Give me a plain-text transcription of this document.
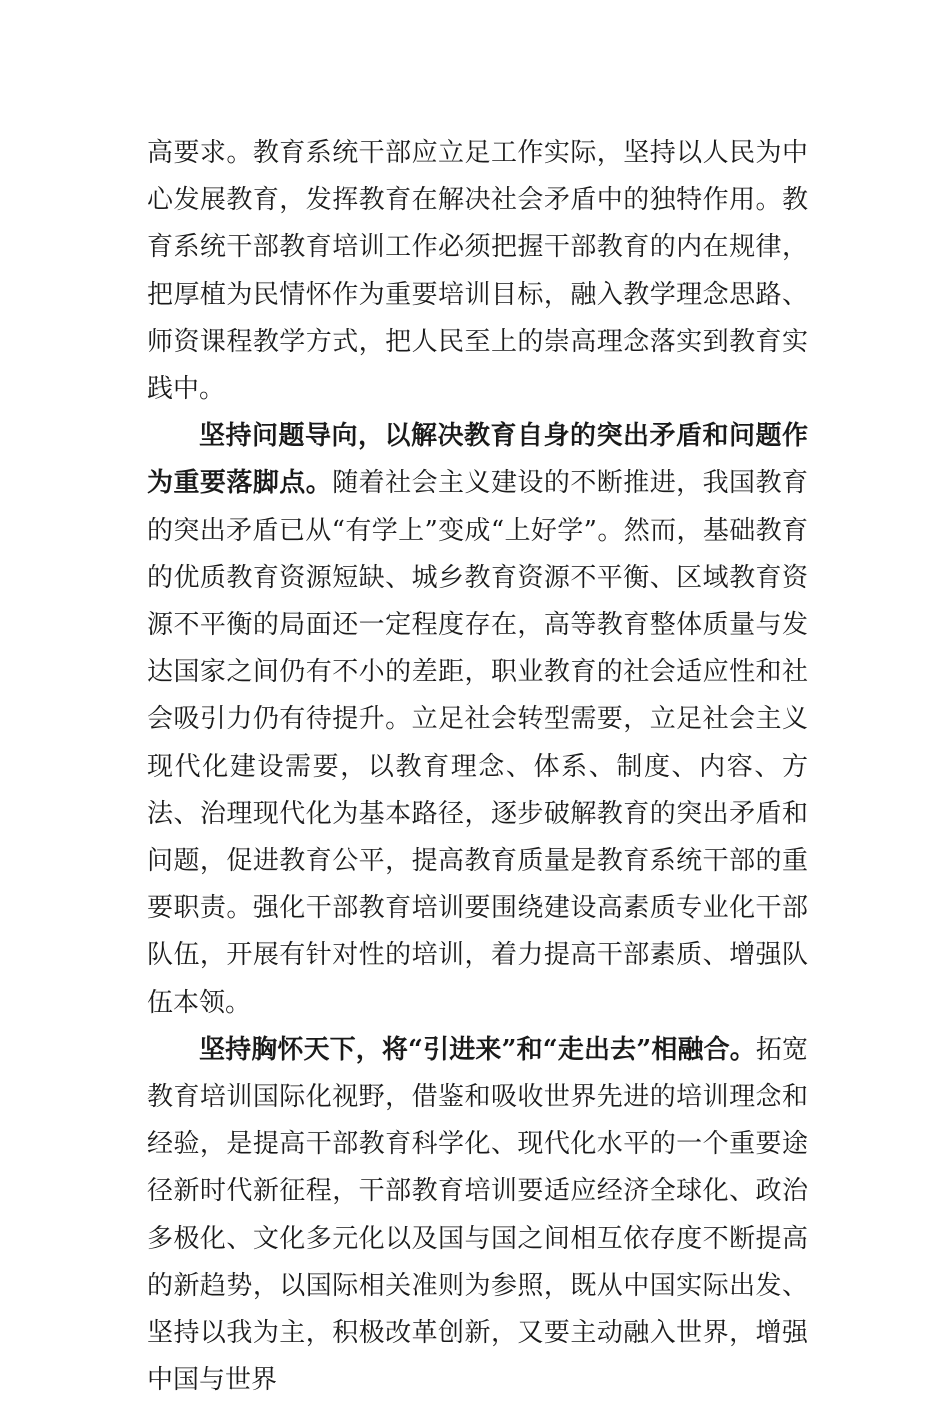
高要求。教育系统干部应立足工作实际，坚持以人民为中心发展教育，发挥教育在解决社会矛盾中的独特作用。教育系统干部教育培训工作必须把握干部教育的内在规律，把厚植为民情怀作为重要培训目标，融入教学理念思路、师资课程教学方式，把人民至上的崇高理念落实到教育实践中。

坚持问题导向，以解决教育自身的突出矛盾和问题作为重要落脚点。随着社会主义建设的不断推进，我国教育的突出矛盾已从“有学上”变成“上好学”。然而，基础教育的优质教育资源短缺、城乡教育资源不平衡、区域教育资源不平衡的局面还一定程度存在，高等教育整体质量与发达国家之间仍有不小的差距，职业教育的社会适应性和社会吸引力仍有待提升。立足社会转型需要，立足社会主义现代化建设需要，以教育理念、体系、制度、内容、方法、治理现代化为基本路径，逐步破解教育的突出矛盾和问题，促进教育公平，提高教育质量是教育系统干部的重要职责。强化干部教育培训要围绕建设高素质专业化干部队伍，开展有针对性的培训，着力提高干部素质、增强队伍本领。

坚持胸怀天下，将“引进来”和“走出去”相融合。拓宽教育培训国际化视野，借鉴和吸收世界先进的培训理念和经验，是提高干部教育科学化、现代化水平的一个重要途径新时代新征程，干部教育培训要适应经济全球化、政治多极化、文化多元化以及国与国之间相互依存度不断提高的新趋势，以国际相关准则为参照，既从中国实际出发、坚持以我为主，积极改革创新，又要主动融入世界，增强中国与世界
